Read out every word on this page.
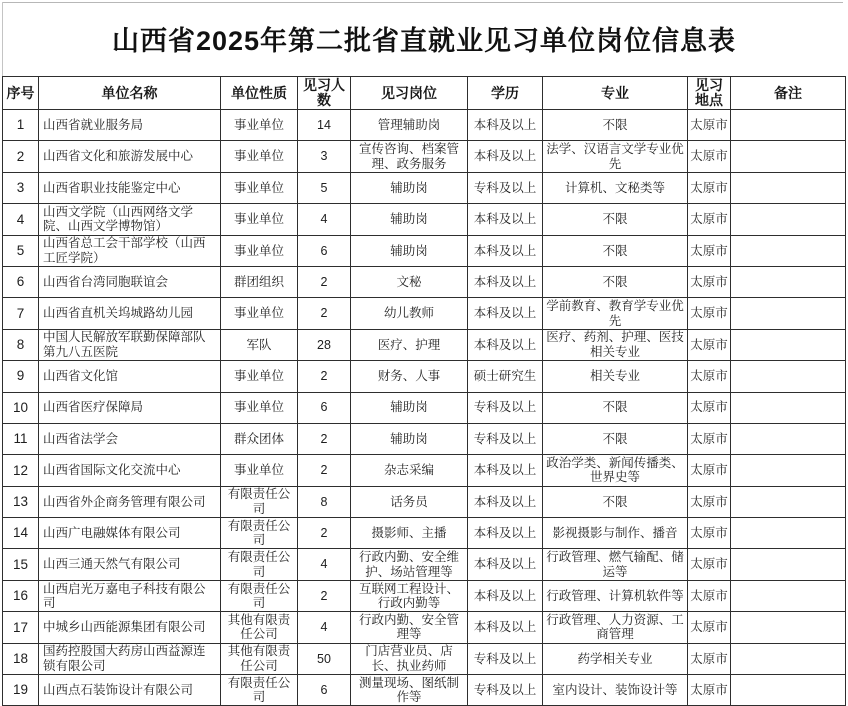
山西省2025年第二批省直就业见习单位岗位信息表
序号	单位名称	单位性质	见习人数	见习岗位	学历	专业	见习地点	备注
1	山西省就业服务局	事业单位	14	管理辅助岗	本科及以上	不限	太原市	
2	山西省文化和旅游发展中心	事业单位	3	宣传咨询、档案管理、政务服务	本科及以上	法学、汉语言文学专业优先	太原市	
3	山西省职业技能鉴定中心	事业单位	5	辅助岗	专科及以上	计算机、文秘类等	太原市	
4	山西文学院（山西网络文学院、山西文学博物馆）	事业单位	4	辅助岗	本科及以上	不限	太原市	
5	山西省总工会干部学校（山西工匠学院）	事业单位	6	辅助岗	本科及以上	不限	太原市	
6	山西省台湾同胞联谊会	群团组织	2	文秘	本科及以上	不限	太原市	
7	山西省直机关坞城路幼儿园	事业单位	2	幼儿教师	本科及以上	学前教育、教育学专业优先	太原市	
8	中国人民解放军联勤保障部队第九八五医院	军队	28	医疗、护理	本科及以上	医疗、药剂、护理、医技相关专业	太原市	
9	山西省文化馆	事业单位	2	财务、人事	硕士研究生	相关专业	太原市	
10	山西省医疗保障局	事业单位	6	辅助岗	专科及以上	不限	太原市	
11	山西省法学会	群众团体	2	辅助岗	专科及以上	不限	太原市	
12	山西省国际文化交流中心	事业单位	2	杂志采编	本科及以上	政治学类、新闻传播类、世界史等	太原市	
13	山西省外企商务管理有限公司	有限责任公司	8	话务员	本科及以上	不限	太原市	
14	山西广电融媒体有限公司	有限责任公司	2	摄影师、主播	本科及以上	影视摄影与制作、播音	太原市	
15	山西三通天然气有限公司	有限责任公司	4	行政内勤、安全维护、场站管理等	本科及以上	行政管理、燃气输配、储运等	太原市	
16	山西启光万嘉电子科技有限公司	有限责任公司	2	互联网工程设计、行政内勤等	本科及以上	行政管理、计算机软件等	太原市	
17	中城乡山西能源集团有限公司	其他有限责任公司	4	行政内勤、安全管理等	本科及以上	行政管理、人力资源、工商管理	太原市	
18	国药控股国大药房山西益源连锁有限公司	其他有限责任公司	50	门店营业员、店长、执业药师	专科及以上	药学相关专业	太原市	
19	山西点石装饰设计有限公司	有限责任公司	6	测量现场、图纸制作等	专科及以上	室内设计、装饰设计等	太原市	
